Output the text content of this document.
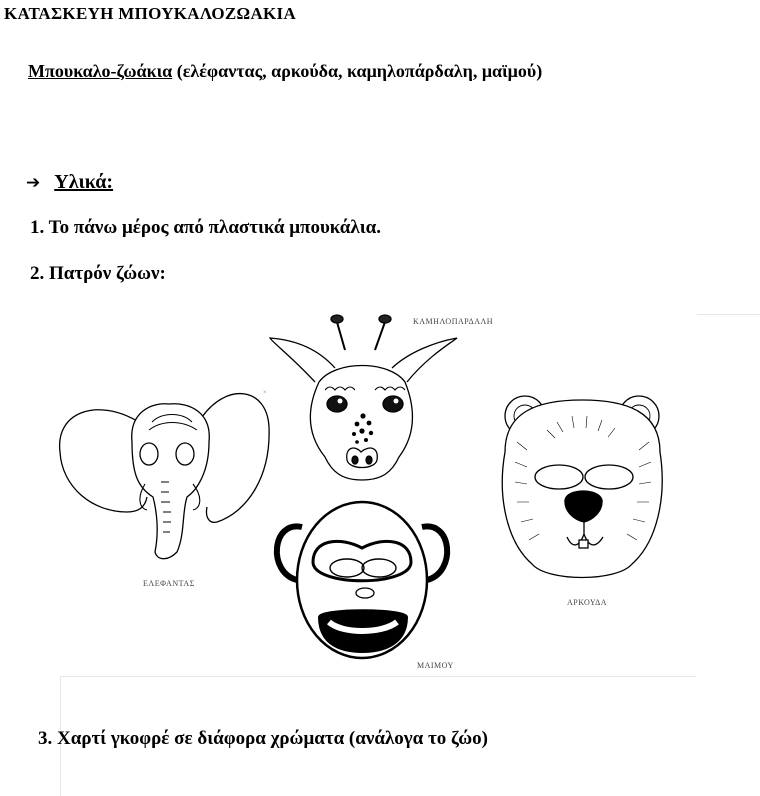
ΚΑΤΑΣΚΕΥΗ ΜΠΟΥΚΑΛΟΖΩΑΚΙΑ
Μπουκαλο-ζωάκια (ελέφαντας, αρκούδα, καμηλοπάρδαλη, μαϊμού)
➔ Υλικά:
1. Το πάνω μέρος από πλαστικά μπουκάλια.
2. Πατρόν ζώων:
ΚΑΜΗΛΟΠΑΡΔΑΛΗ
ΕΛΕΦΑΝΤΑΣ
ΑΡΚΟΥΔΑ
ΜΑΙΜΟΥ
×
3. Χαρτί γκοφρέ σε διάφορα χρώματα (ανάλογα το ζώο)
